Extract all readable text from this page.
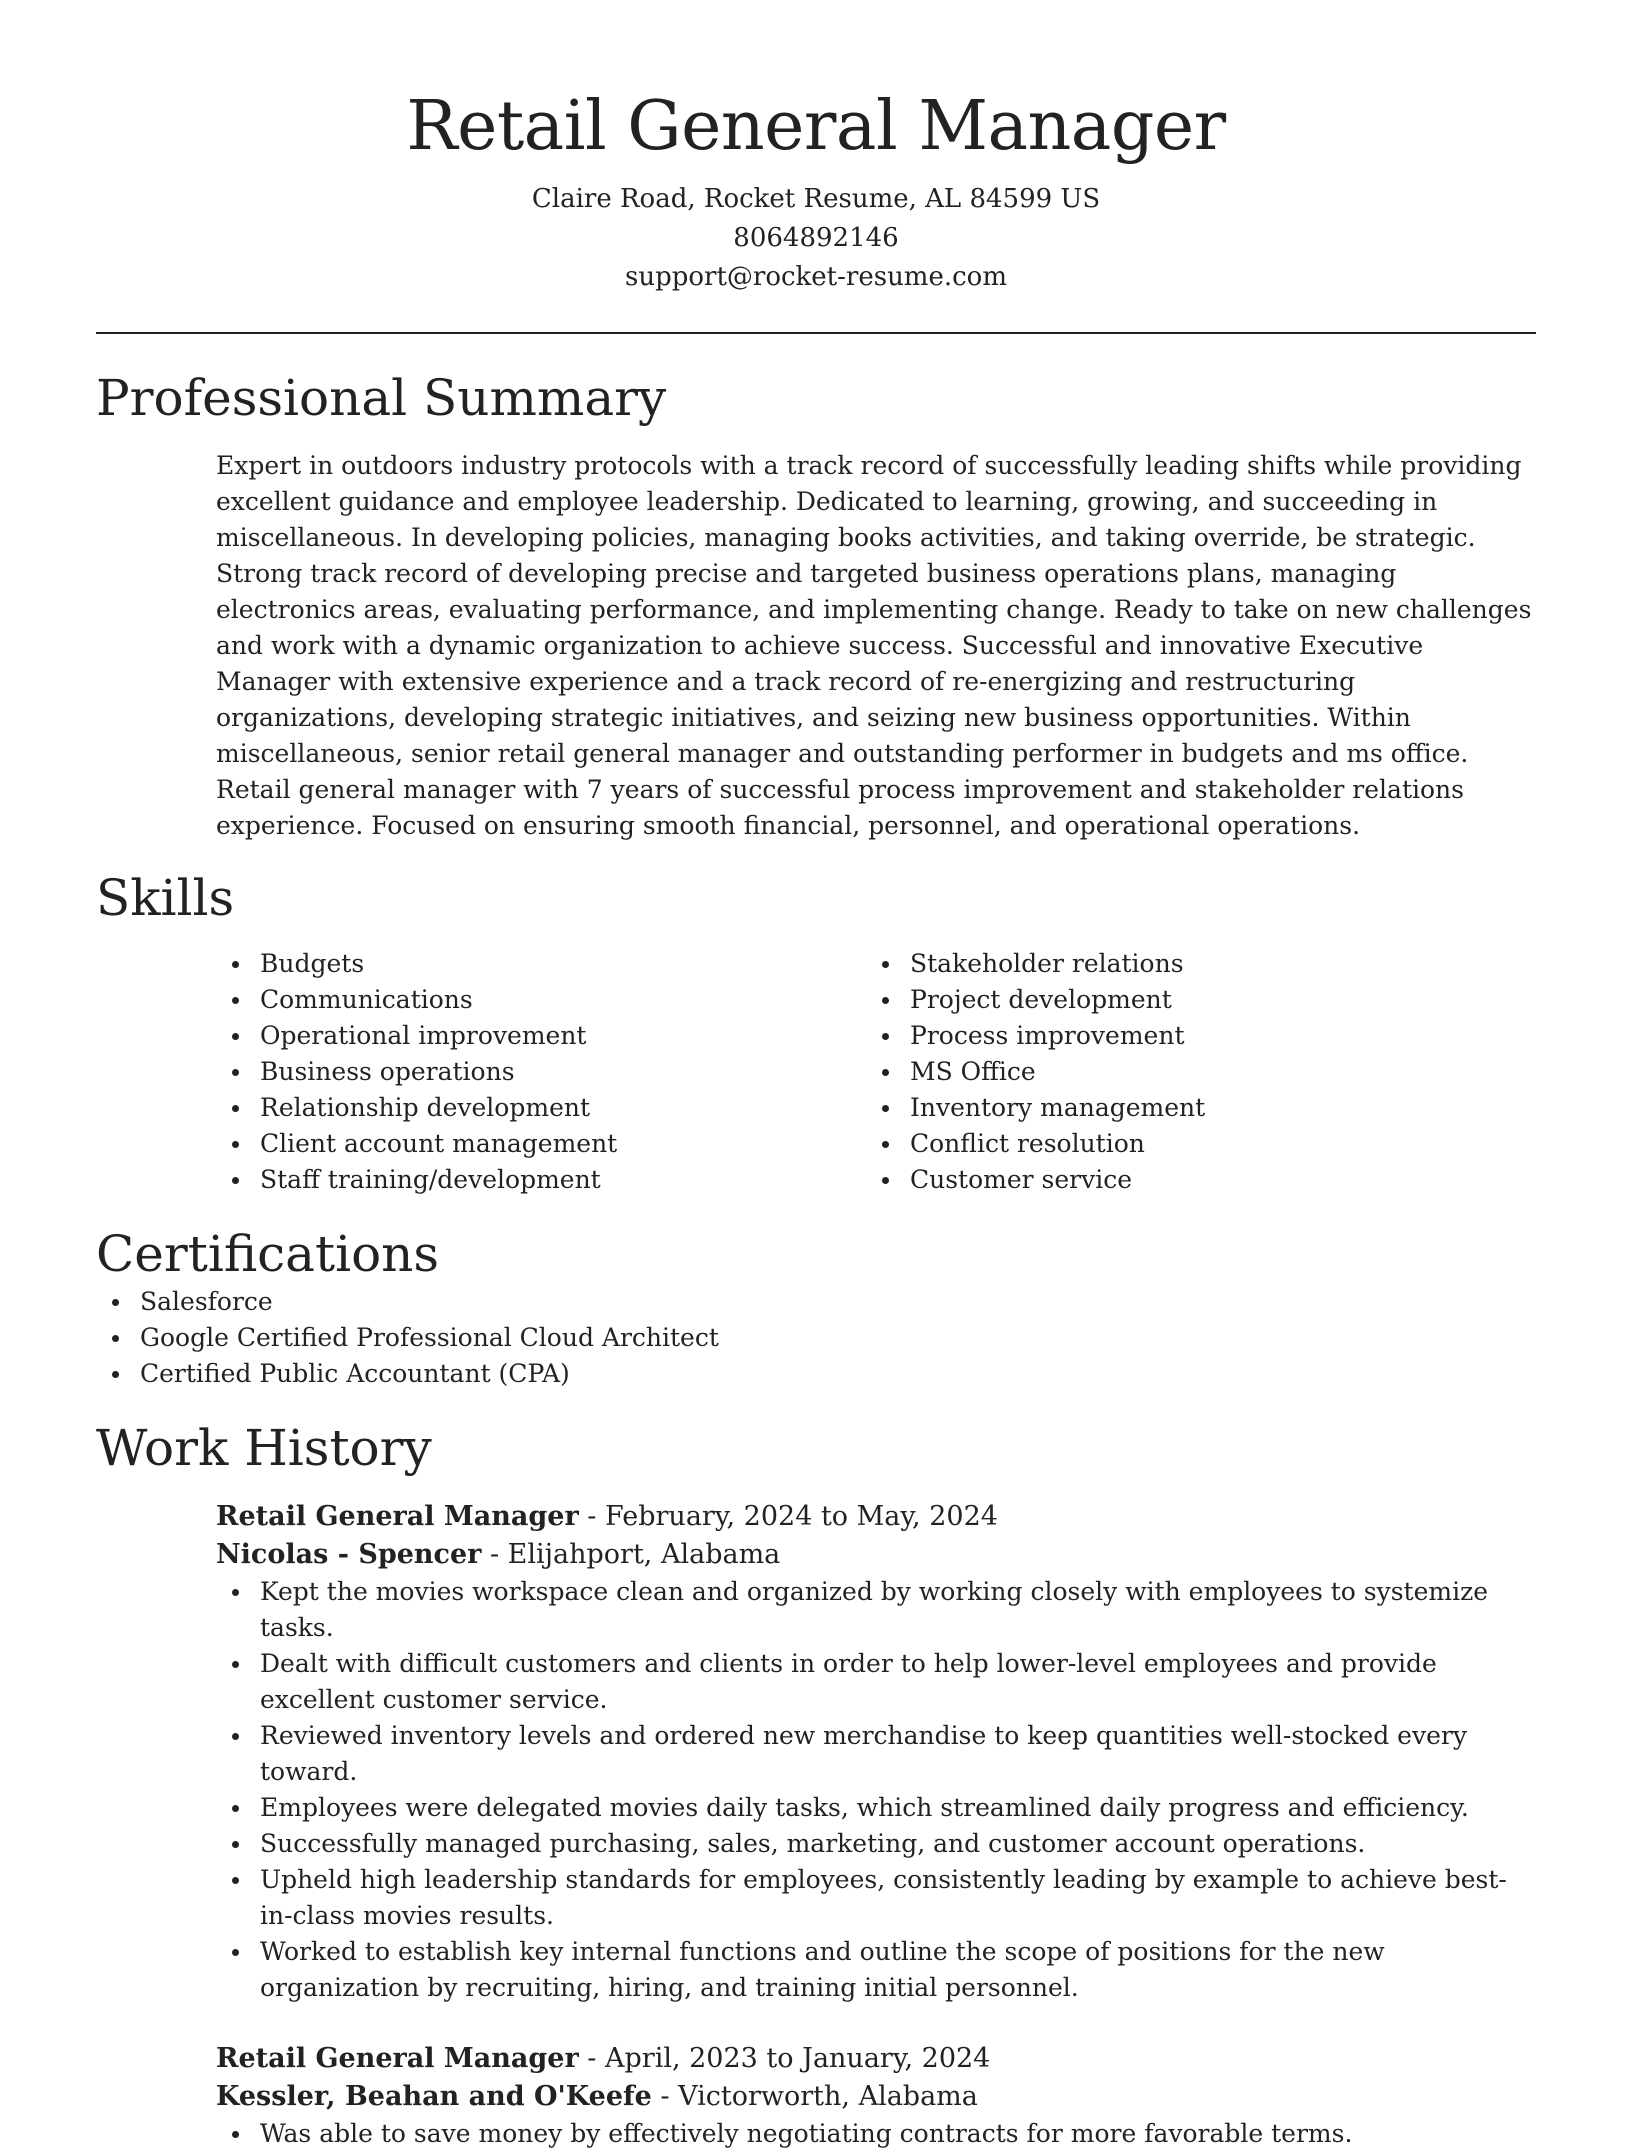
Retail General Manager
Claire Road, Rocket Resume, AL 84599 US
8064892146
support@rocket-resume.com
Professional Summary

Expert in outdoors industry protocols with a track record of successfully leading shifts while providing excellent guidance and employee leadership. Dedicated to learning, growing, and succeeding in miscellaneous. In developing policies, managing books activities, and taking override, be strategic. Strong track record of developing precise and targeted business operations plans, managing electronics areas, evaluating performance, and implementing change. Ready to take on new challenges and work with a dynamic organization to achieve success. Successful and innovative Executive Manager with extensive experience and a track record of re-energizing and restructuring organizations, developing strategic initiatives, and seizing new business opportunities. Within miscellaneous, senior retail general manager and outstanding performer in budgets and ms office. Retail general manager with 7 years of successful process improvement and stakeholder relations experience. Focused on ensuring smooth financial, personnel, and operational operations.

Skills
Budgets
Communications
Operational improvement
Business operations
Relationship development
Client account management
Staff training/development
Stakeholder relations
Project development
Process improvement
MS Office
Inventory management
Conflict resolution
Customer service
Certifications
Salesforce
Google Certified Professional Cloud Architect
Certified Public Accountant (CPA)
Work History
Retail General Manager - February, 2024 to May, 2024
Nicolas - Spencer - Elijahport, Alabama
Kept the movies workspace clean and organized by working closely with employees to systemize tasks.
Dealt with difficult customers and clients in order to help lower-level employees and provide excellent customer service.
Reviewed inventory levels and ordered new merchandise to keep quantities well-stocked every toward.
Employees were delegated movies daily tasks, which streamlined daily progress and efficiency.
Successfully managed purchasing, sales, marketing, and customer account operations.
Upheld high leadership standards for employees, consistently leading by example to achieve best-in-class movies results.
Worked to establish key internal functions and outline the scope of positions for the new organization by recruiting, hiring, and training initial personnel.
Retail General Manager - April, 2023 to January, 2024
Kessler, Beahan and O'Keefe - Victorworth, Alabama
Was able to save money by effectively negotiating contracts for more favorable terms.
